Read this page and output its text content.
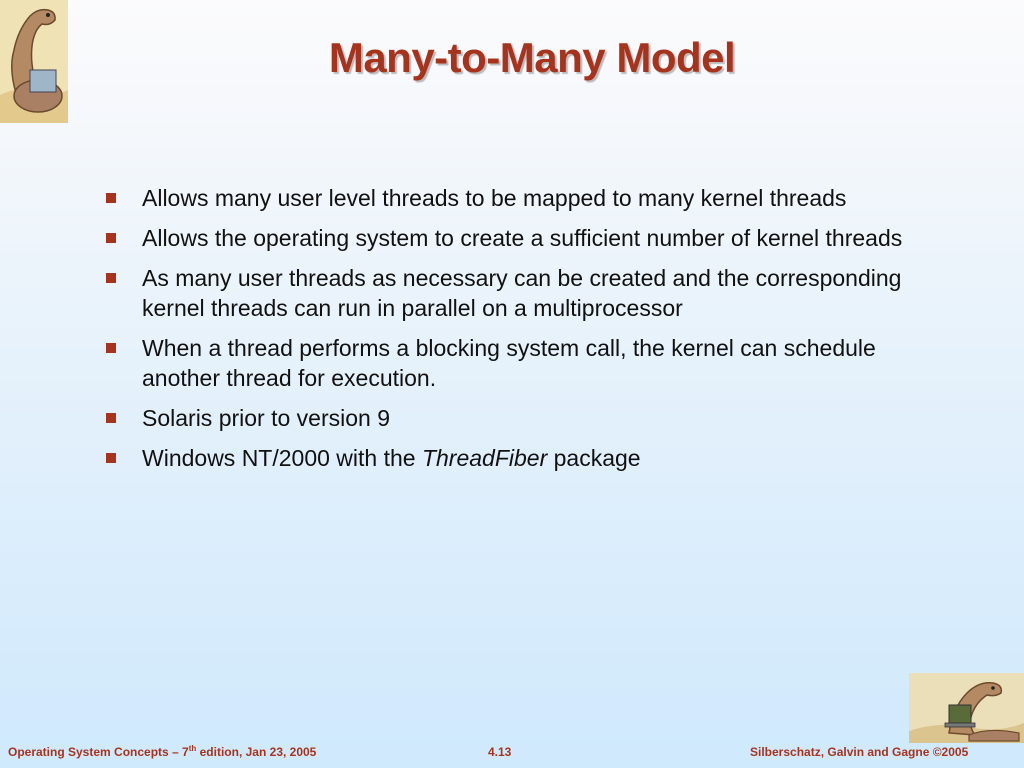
Many-to-Many Model
Allows many user level threads to be mapped to many kernel threads
Allows the operating system to create a sufficient number of kernel threads
As many user threads as necessary can be created and the corresponding kernel threads can run in parallel on a multiprocessor
When a thread performs a blocking system call, the kernel can schedule another thread for execution.
Solaris prior to version 9
Windows NT/2000 with the ThreadFiber package
Operating System Concepts – 7th edition, Jan 23, 2005	4.13	Silberschatz, Galvin and Gagne ©2005
